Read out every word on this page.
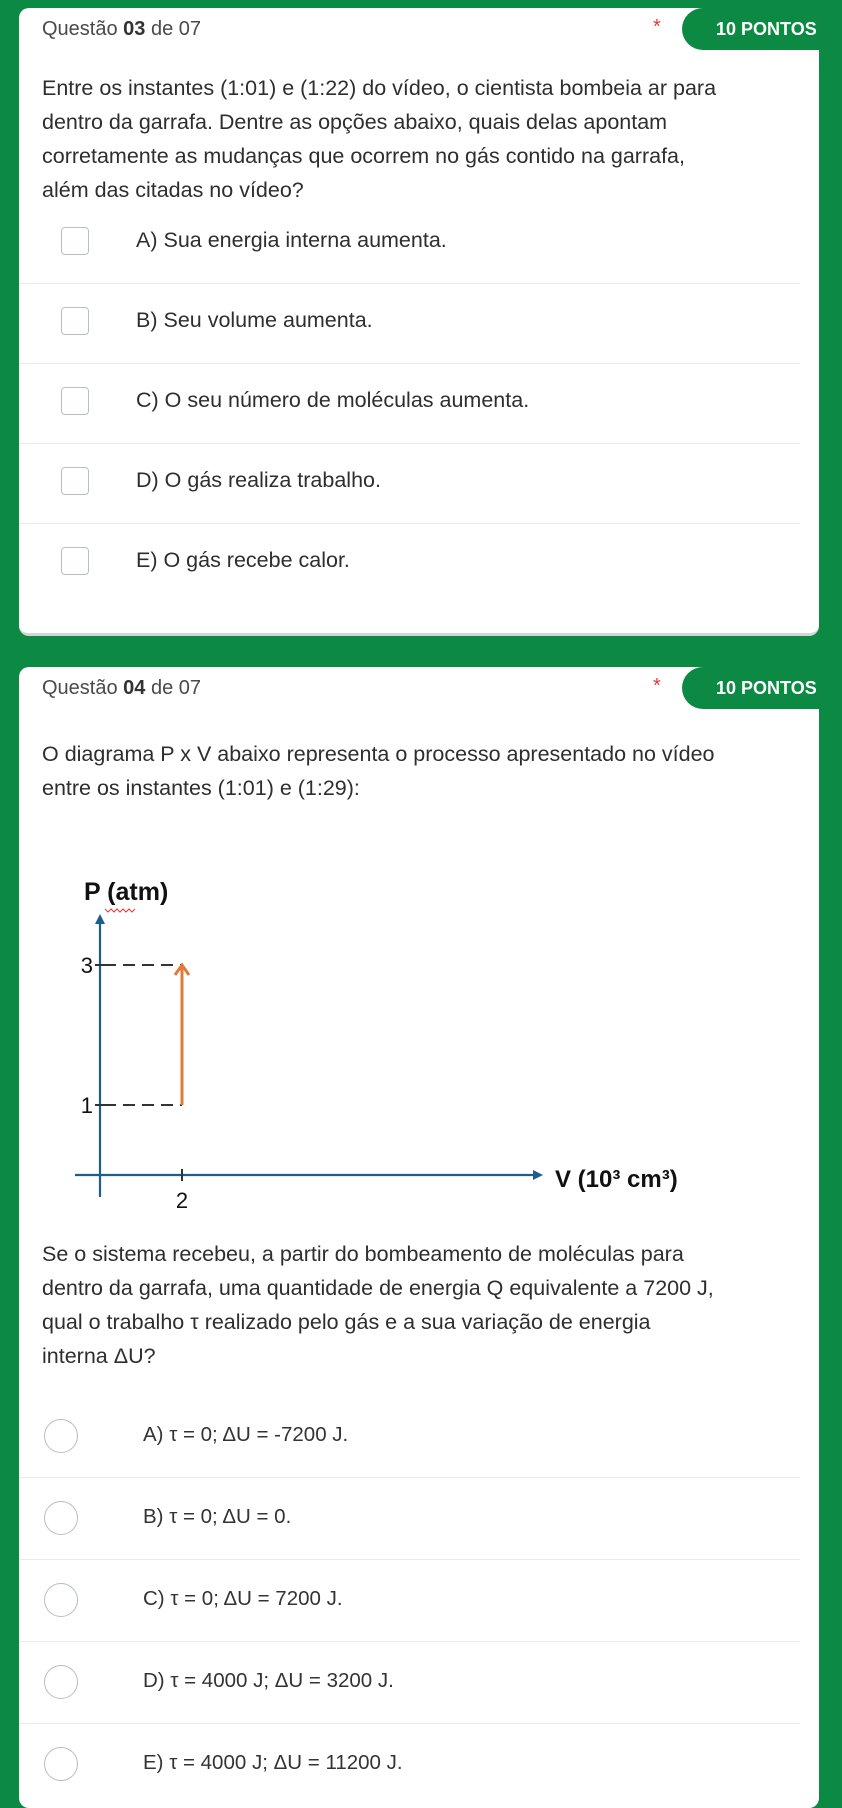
Questão 03 de 07	*	10 PONTOS
Entre os instantes (1:01) e (1:22) do vídeo, o cientista bombeia ar para
dentro da garrafa. Dentre as opções abaixo, quais delas apontam
corretamente as mudanças que ocorrem no gás contido na garrafa,
além das citadas no vídeo?
A) Sua energia interna aumenta.
B) Seu volume aumenta.
C) O seu número de moléculas aumenta.
D) O gás realiza trabalho.
E) O gás recebe calor.
Questão 04 de 07	*	10 PONTOS
O diagrama P x V abaixo representa o processo apresentado no vídeo
entre os instantes (1:01) e (1:29):
P (atm)
3
1
2
V (10³ cm³)
Se o sistema recebeu, a partir do bombeamento de moléculas para
dentro da garrafa, uma quantidade de energia Q equivalente a 7200 J,
qual o trabalho τ realizado pelo gás e a sua variação de energia
interna ΔU?
A) τ = 0; ΔU = -7200 J.
B) τ = 0; ΔU = 0.
C) τ = 0; ΔU = 7200 J.
D) τ = 4000 J; ΔU = 3200 J.
E) τ = 4000 J; ΔU = 11200 J.
